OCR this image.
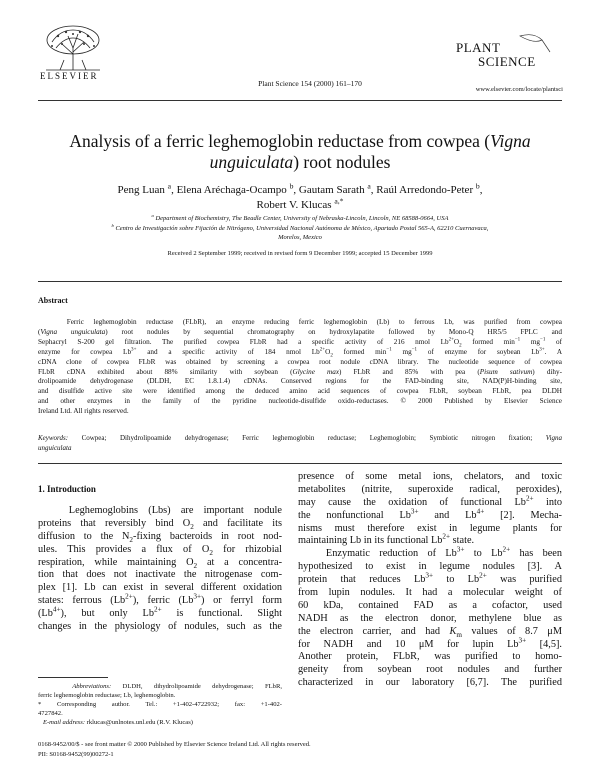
ELSEVIER
Plant Science 154 (2000) 161–170
PLANT
SCIENCE
www.elsevier.com/locate/plantsci
Analysis of a ferric leghemoglobin reductase from cowpea (Vigna
unguiculata) root nodules
Peng Luan $^a$, Elena Aréchaga-Ocampo $^b$, Gautam Sarath $^a$, Raúl Arredondo-Peter $^b$,
Robert V. Klucas $^{a,*}$
$^a$ Department of Biochemistry, The Beadle Center, University of Nebraska-Lincoln, Lincoln, NE 68588-0664, USA
$^b$ Centro de Investigación sobre Fijación de Nitrógeno, Universidad Nacional Autónoma de México, Apartado Postal 565-A, 62210 Cuernavaca,
Morelos, Mexico
Received 2 September 1999; received in revised form 9 December 1999; accepted 15 December 1999
Abstract
Ferric leghemoglobin reductase (FLbR), an enzyme reducing ferric leghemoglobin (Lb) to ferrous Lb, was purified from cowpea
(Vigna unguiculata) root nodules by sequential chromatography on hydroxylapatite followed by Mono-Q HR5/5 FPLC and
Sephacryl S-200 gel filtration. The purified cowpea FLbR had a specific activity of 216 nmol $Lb^{2+}O_2$ formed $\min^{-1} mg^{-1}$ of
enzyme for cowpea $Lb^{3+}$ and a specific activity of 184 nmol $Lb^{2+}O_2$ formed $\min^{-1} mg^{-1}$ of enzyme for soybean $Lb^{3+}$. A
cDNA clone of cowpea FLbR was obtained by screening a cowpea root nodule cDNA library. The nucleotide sequence of cowpea
FLbR cDNA exhibited about 88% similarity with soybean (Glycine max) FLbR and 85% with pea (Pisum sativum) dihy-
drolipoamide dehydrogenase (DLDH, EC 1.8.1.4) cDNAs. Conserved regions for the FAD-binding site, NAD(P)H-binding site,
and disulfide active site were identified among the deduced amino acid sequences of cowpea FLbR, soybean FLbR, pea DLDH
and other enzymes in the family of the pyridine nucleotide-disulfide oxido-reductases. © 2000 Published by Elsevier Science
Ireland Ltd. All rights reserved.
Keywords: Cowpea; Dihydrolipoamide dehydrogenase; Ferric leghemoglobin reductase; Leghemoglobin; Symbiotic nitrogen fixation; Vigna
unguiculata
1. Introduction
Leghemoglobins (Lbs) are important nodule
proteins that reversibly bind $O_2$ and facilitate its
diffusion to the $N_2$-fixing bacteroids in root nod-
ules. This provides a flux of $O_2$ for rhizobial
respiration, while maintaining $O_2$ at a concentra-
tion that does not inactivate the nitrogenase com-
plex [1]. Lb can exist in several different oxidation
states: ferrous $(Lb^{2+})$, ferric $(Lb^{3+})$ or ferryl form
$(Lb^{4+})$, but only $Lb^{2+}$ is functional. Slight
changes in the physiology of nodules, such as the
presence of some metal ions, chelators, and toxic
metabolites (nitrite, superoxide radical, peroxides),
may cause the oxidation of functional $Lb^{2+}$ into
the nonfunctional $Lb^{3+}$ and $Lb^{4+}$ [2]. Mecha-
nisms must therefore exist in legume plants for
maintaining Lb in its functional $Lb^{2+}$ state.
Enzymatic reduction of $Lb^{3+}$ to $Lb^{2+}$ has been
hypothesized to exist in legume nodules [3]. A
protein that reduces $Lb^{3+}$ to $Lb^{2+}$ was purified
from lupin nodules. It had a molecular weight of
60 kDa, contained FAD as a cofactor, used
NADH as the electron donor, methylene blue as
the electron carrier, and had $K_m$ values of 8.7 μM
for NADH and 10 μM for lupin $Lb^{3+}$ [4,5].
Another protein, FLbR, was purified to homo-
geneity from soybean root nodules and further
characterized in our laboratory [6,7]. The purified
Abbreviations: DLDH, dihydrolipoamide dehydrogenase; FLbR,
ferric leghemoglobin reductase; Lb, leghemoglobin.
* Corresponding author. Tel.: +1-402-4722932; fax: +1-402-
4727842.
E-mail address: rklucas@unlnotes.unl.edu (R.V. Klucas)
0168-9452/00/$ - see front matter © 2000 Published by Elsevier Science Ireland Ltd. All rights reserved.
PII: S0168-9452(99)00272-1
